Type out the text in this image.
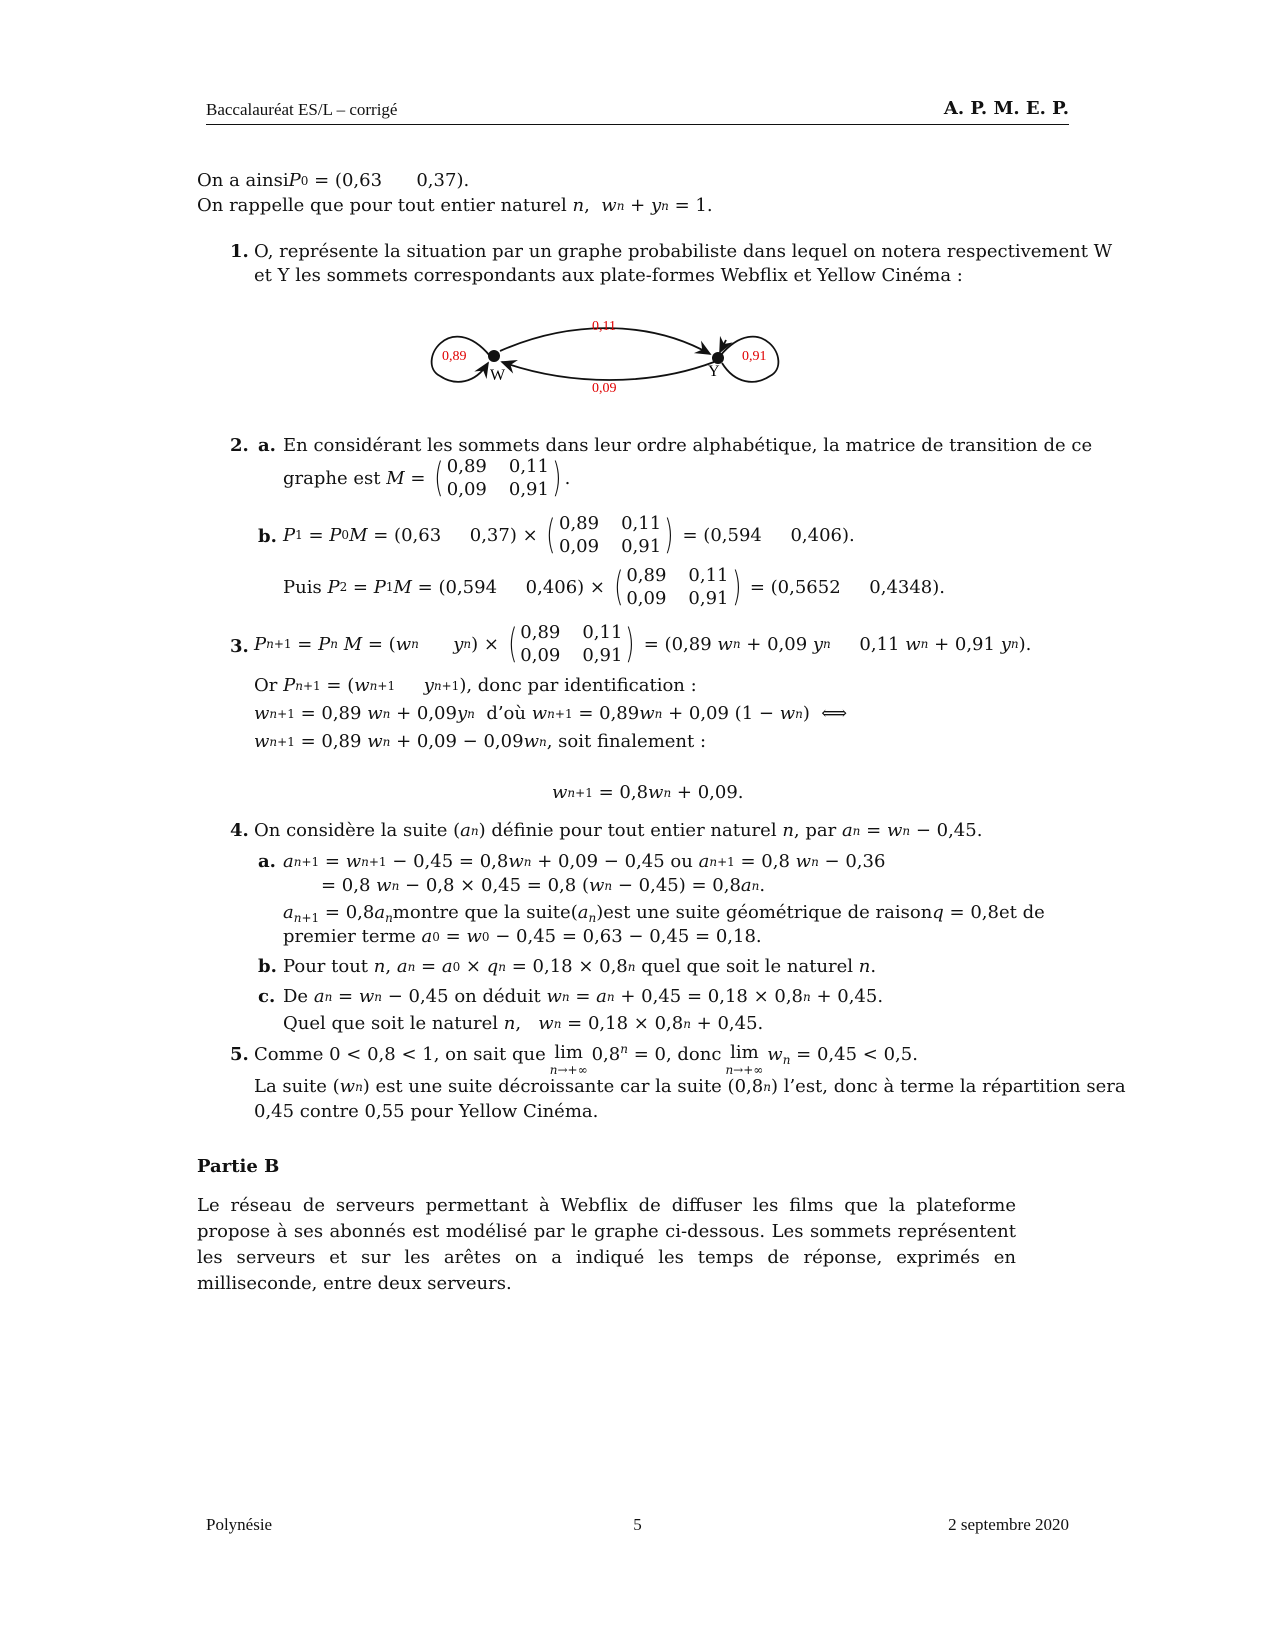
Baccalauréat ES/L – corrigé	A. P. M. E. P.
On a ainsi P 0 = ( 0,63
0,37 ).
On rappelle que pour tout entier naturel
n , w n + y n = 1.
1. O, représente la situation par un graphe probabiliste dans lequel on notera respectivement W
et Y les sommets correspondants aux plate-formes Webflix et Yellow Cinéma :
W	Y
0,11
0,09
0,89	0,91
2. a. En considérant les sommets dans leur ordre alphabétique, la matrice de transition de ce
graphe est
M = ( 0,89 0,11
0,09 0,91 ) .
b. P 1 = P 0 M = ( 0,63
0,37 ) × ( 0,89 0,11
0,09 0,91 ) = ( 0,594
0,406 ).
Puis
P 2 = P 1 M = ( 0,594
0,406 ) × ( 0,89 0,11
0,09 0,91 ) = ( 0,5652
0,4348 ).
3. P n+1 = P n
M = ( w n
y n ) × ( 0,89 0,11
0,09 0,91 ) = (0,89 w n + 0,09 y n 0,11 w n + 0,91 y n ).
Or
P n+1 = ( w n+1
y n+1 ) , donc par identification :
w n+1 = 0,89 w n + 0,09 y n
d’où
w n+1 = 0,89 w n + 0,09 (1 − w n )  ⟺
w n+1 = 0,89 w n + 0,09 − 0,09 w n , soit finalement :
w n+1 = 0,8 w n + 0,09.
4. On considère la suite ( a n ) définie pour tout entier naturel
n , par a n = w n − 0,45.
a. a n+1 = w n+1 − 0,45 = 0,8 w n + 0,09 − 0,45 ou
a n+1 = 0,8 w n − 0,36
= 0,8 w n − 0,8 × 0,45 = 0,8 ( w n − 0,45) = 0,8 a n .
$a_{n+1} = 0,8a_n$ montre que la suite $(a_n)$ est une suite géométrique de raison q = 0,8 et de
premier terme
a 0 = w 0 − 0,45 = 0,63 − 0,45 = 0,18.
b. Pour tout
n , a n = a 0 × q n = 0,18 × 0,8 n
quel que soit le naturel
n .
c. De
a n = w n − 0,45 on déduit
w n = a n + 0,45 = 0,18 × 0,8 n + 0,45.
Quel que soit le naturel
n , w n = 0,18 × 0,8 n + 0,45.
5. Comme 0 < 0,8 < 1, on sait que lim
n→+∞
$0,8^n = 0$ , donc lim
n→+∞
$w_n = 0,45 < 0,5$.
La suite ( w n ) est une suite décroissante car la suite (0,8 n ) l’est, donc à terme la répartition sera
0,45 contre 0,55 pour Yellow Cinéma.
Partie B
Le réseau de serveurs permettant à Webflix de diffuser les films que la plateforme propose à ses abonnés est modélisé par le graphe ci-dessous. Les sommets représentent les serveurs et sur les arêtes on a indiqué les temps de réponse, exprimés en milliseconde, entre deux serveurs.
Polynésie	5	2 septembre 2020
